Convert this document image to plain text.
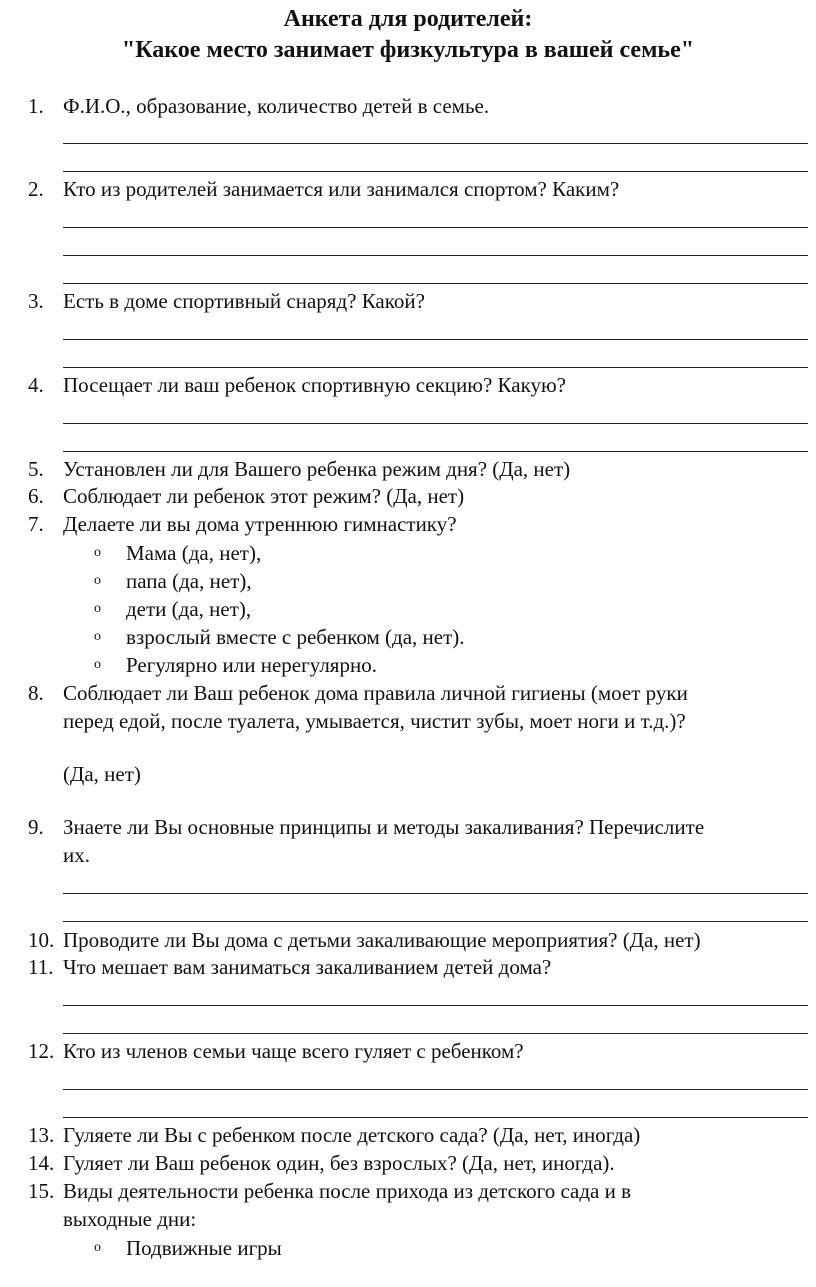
Анкета для родителей:
"Какое место занимает физкультура в вашей семье"
1. Ф.И.О., образование, количество детей в семье.
2. Кто из родителей занимается или занимался спортом? Каким?
3. Есть в доме спортивный снаряд? Какой?
4. Посещает ли ваш ребенок спортивную секцию? Какую?
5. Установлен ли для Вашего ребенка режим дня? (Да, нет)
6. Соблюдает ли ребенок этот режим? (Да, нет)
7. Делаете ли вы дома утреннюю гимнастику?
o Мама (да, нет),
o папа (да, нет),
o дети (да, нет),
o взрослый вместе с ребенком (да, нет).
o Регулярно или нерегулярно.
8. Соблюдает ли Ваш ребенок дома правила личной гигиены (моет руки
перед едой, после туалета, умывается, чистит зубы, моет ноги и т.д.)?
(Да, нет)
9. Знаете ли Вы основные принципы и методы закаливания? Перечислите
их.
10. Проводите ли Вы дома с детьми закаливающие мероприятия? (Да, нет)
11. Что мешает вам заниматься закаливанием детей дома?
12. Кто из членов семьи чаще всего гуляет с ребенком?
13. Гуляете ли Вы с ребенком после детского сада? (Да, нет, иногда)
14. Гуляет ли Ваш ребенок один, без взрослых? (Да, нет, иногда).
15. Виды деятельности ребенка после прихода из детского сада и в
выходные дни:
o Подвижные игры
